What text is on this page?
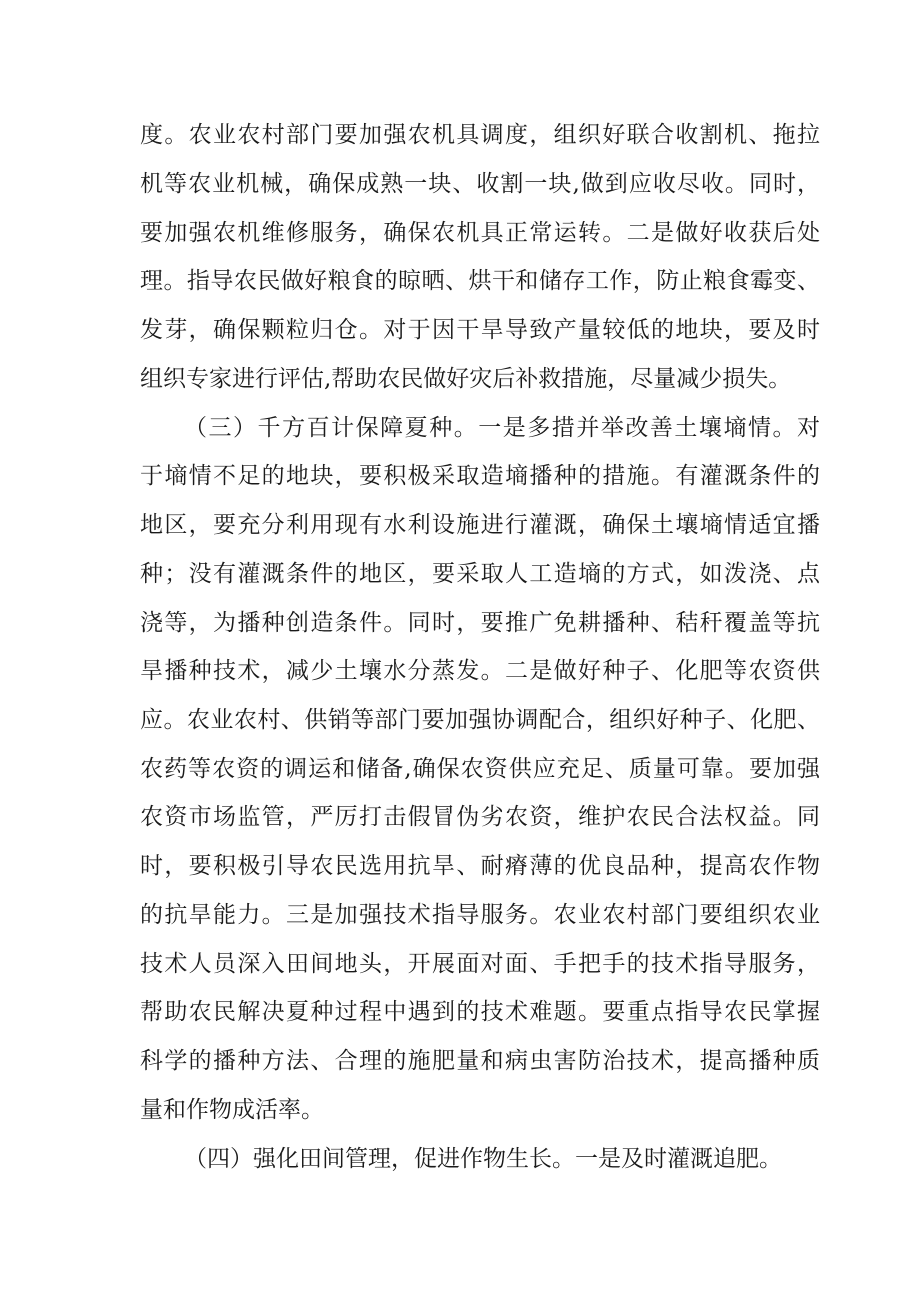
度。农业农村部门要加强农机具调度，组织好联合收割机、拖拉
机等农业机械，确保成熟一块、收割一块,做到应收尽收。同时，
要加强农机维修服务，确保农机具正常运转。二是做好收获后处
理。指导农民做好粮食的晾晒、烘干和储存工作，防止粮食霉变、
发芽，确保颗粒归仓。对于因干旱导致产量较低的地块，要及时
组织专家进行评估,帮助农民做好灾后补救措施，尽量减少损失。
（三）千方百计保障夏种。一是多措并举改善土壤墒情。对
于墒情不足的地块，要积极采取造墒播种的措施。有灌溉条件的
地区，要充分利用现有水利设施进行灌溉，确保土壤墒情适宜播
种；没有灌溉条件的地区，要采取人工造墒的方式，如泼浇、点
浇等，为播种创造条件。同时，要推广免耕播种、秸秆覆盖等抗
旱播种技术，减少土壤水分蒸发。二是做好种子、化肥等农资供
应。农业农村、供销等部门要加强协调配合，组织好种子、化肥、
农药等农资的调运和储备,确保农资供应充足、质量可靠。要加强
农资市场监管，严厉打击假冒伪劣农资，维护农民合法权益。同
时，要积极引导农民选用抗旱、耐瘠薄的优良品种，提高农作物
的抗旱能力。三是加强技术指导服务。农业农村部门要组织农业
技术人员深入田间地头，开展面对面、手把手的技术指导服务，
帮助农民解决夏种过程中遇到的技术难题。要重点指导农民掌握
科学的播种方法、合理的施肥量和病虫害防治技术，提高播种质
量和作物成活率。
（四）强化田间管理，促进作物生长。一是及时灌溉追肥。
